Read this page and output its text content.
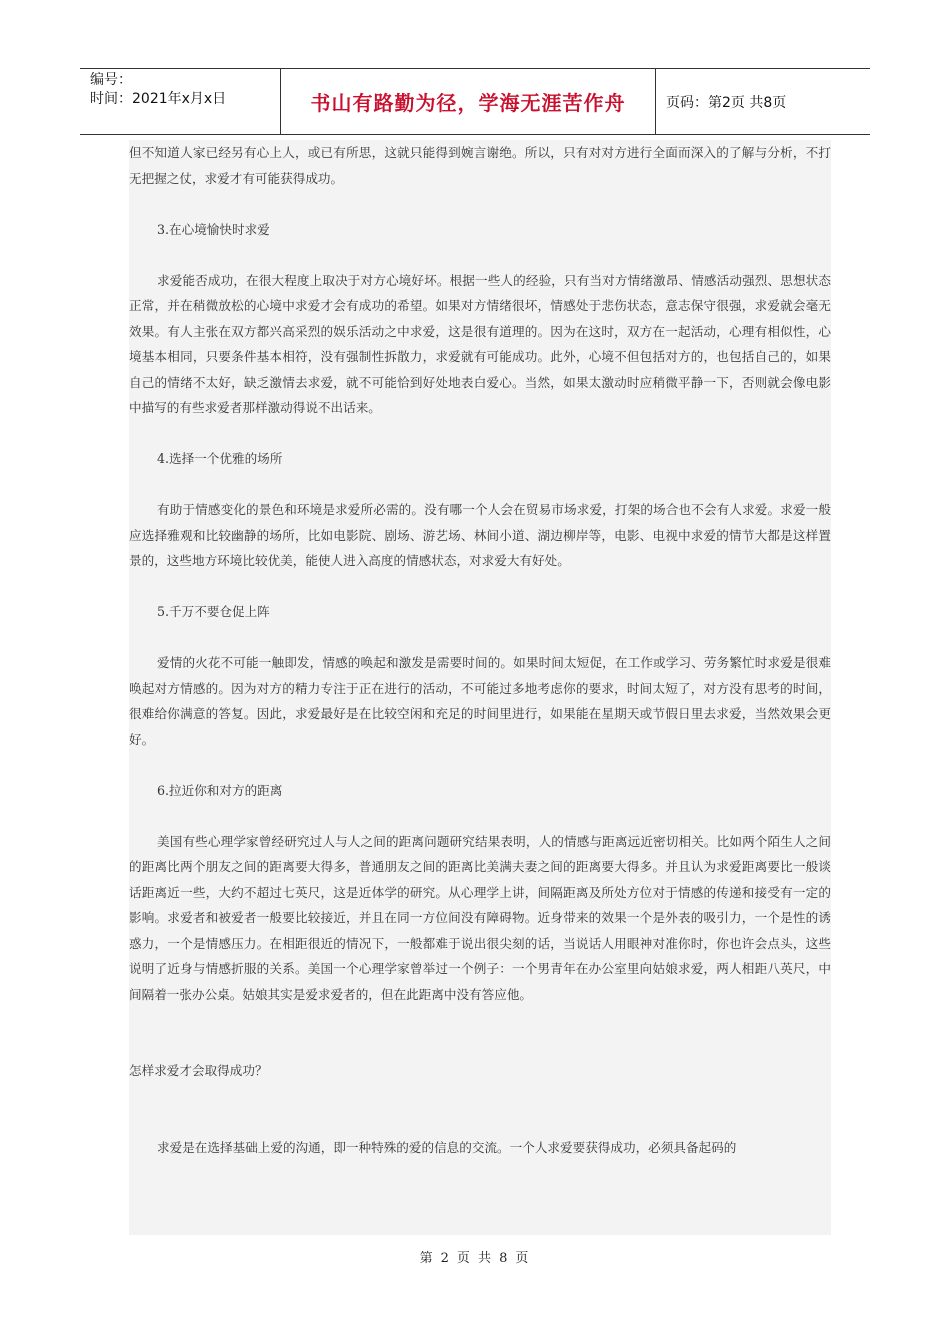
编号：
时间：2021年x月x日	书山有路勤为径，学海无涯苦作舟	页码：第2页 共8页

但不知道人家已经另有心上人，或已有所思，这就只能得到婉言谢绝。所以，只有对对方进行全面而深入的了解与分析，不打无把握之仗，求爱才有可能获得成功。

3.在心境愉快时求爱

求爱能否成功，在很大程度上取决于对方心境好坏。根据一些人的经验，只有当对方情绪激昂、情感活动强烈、思想状态正常，并在稍微放松的心境中求爱才会有成功的希望。如果对方情绪很坏，情感处于悲伤状态，意志保守很强，求爱就会毫无效果。有人主张在双方都兴高采烈的娱乐活动之中求爱，这是很有道理的。因为在这时，双方在一起活动，心理有相似性，心境基本相同，只要条件基本相符，没有强制性拆散力，求爱就有可能成功。此外，心境不但包括对方的，也包括自己的，如果自己的情绪不太好，缺乏激情去求爱，就不可能恰到好处地表白爱心。当然，如果太激动时应稍微平静一下，否则就会像电影中描写的有些求爱者那样激动得说不出话来。

4.选择一个优雅的场所

有助于情感变化的景色和环境是求爱所必需的。没有哪一个人会在贸易市场求爱，打架的场合也不会有人求爱。求爱一般应选择雅观和比较幽静的场所，比如电影院、剧场、游艺场、林间小道、湖边柳岸等，电影、电视中求爱的情节大都是这样置景的，这些地方环境比较优美，能使人进入高度的情感状态，对求爱大有好处。

5.千万不要仓促上阵

爱情的火花不可能一触即发，情感的唤起和激发是需要时间的。如果时间太短促，在工作或学习、劳务繁忙时求爱是很难唤起对方情感的。因为对方的精力专注于正在进行的活动，不可能过多地考虑你的要求，时间太短了，对方没有思考的时间，很难给你满意的答复。因此，求爱最好是在比较空闲和充足的时间里进行，如果能在星期天或节假日里去求爱，当然效果会更好。

6.拉近你和对方的距离

美国有些心理学家曾经研究过人与人之间的距离问题研究结果表明，人的情感与距离远近密切相关。比如两个陌生人之间的距离比两个朋友之间的距离要大得多，普通朋友之间的距离比美满夫妻之间的距离要大得多。并且认为求爱距离要比一般谈话距离近一些，大约不超过七英尺，这是近体学的研究。从心理学上讲，间隔距离及所处方位对于情感的传递和接受有一定的影响。求爱者和被爱者一般要比较接近，并且在同一方位间没有障碍物。近身带来的效果一个是外表的吸引力，一个是性的诱惑力，一个是情感压力。在相距很近的情况下，一般都难于说出很尖刻的话，当说话人用眼神对准你时，你也许会点头，这些说明了近身与情感折服的关系。美国一个心理学家曾举过一个例子：一个男青年在办公室里向姑娘求爱，两人相距八英尺，中间隔着一张办公桌。姑娘其实是爱求爱者的，但在此距离中没有答应他。

怎样求爱才会取得成功？

求爱是在选择基础上爱的沟通，即一种特殊的爱的信息的交流。一个人求爱要获得成功，必须具备起码的

第 2 页 共 8 页
